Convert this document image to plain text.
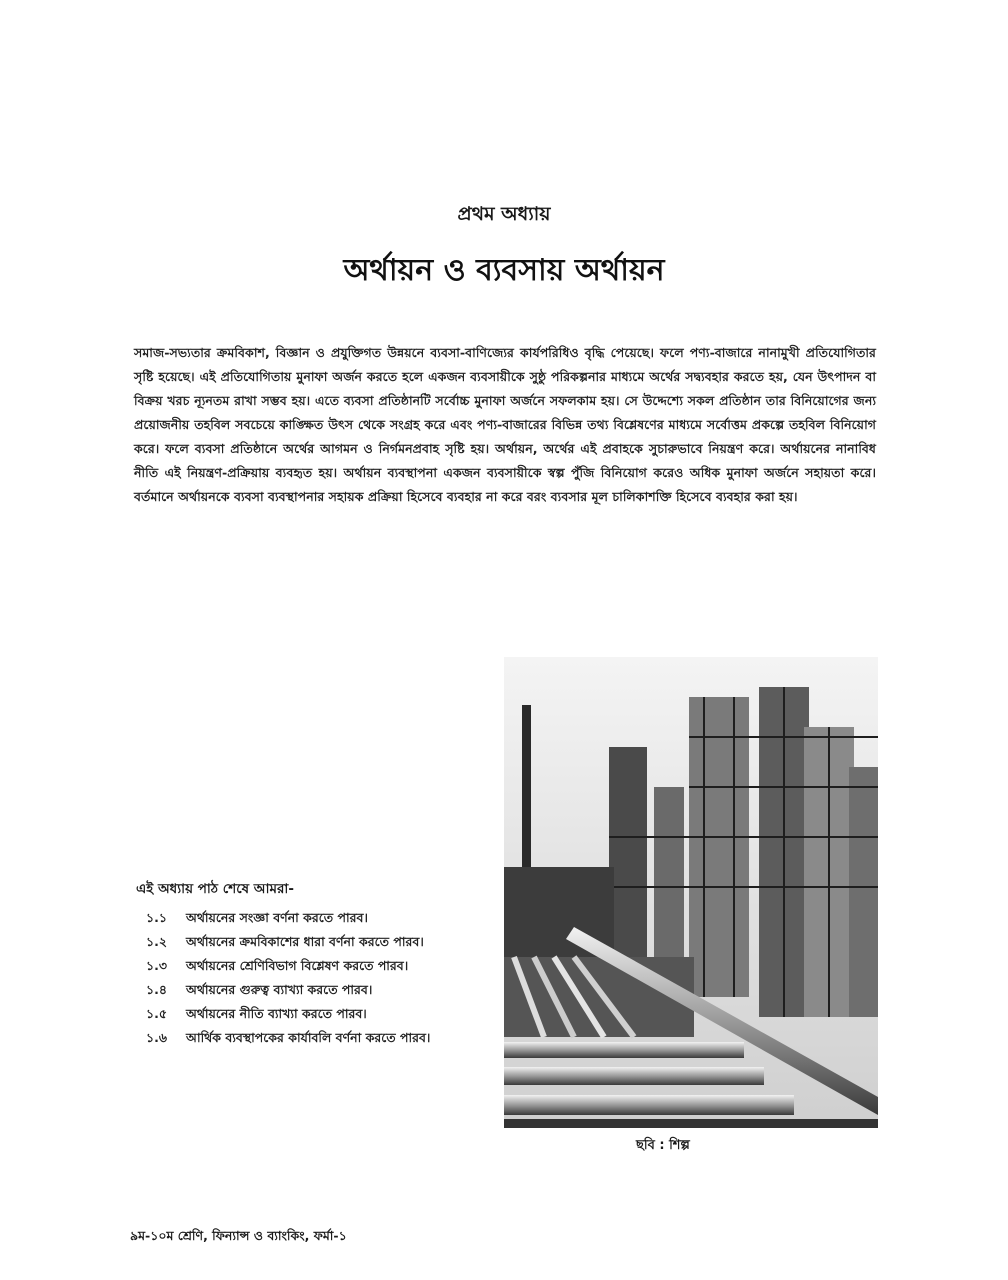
প্রথম অধ্যায়
অর্থায়ন ও ব্যবসায় অর্থায়ন

সমাজ-সভ্যতার ক্রমবিকাশ, বিজ্ঞান ও প্রযুক্তিগত উন্নয়নে ব্যবসা-বাণিজ্যের কার্যপরিধিও বৃদ্ধি পেয়েছে। ফলে পণ্য-বাজারে নানামুখী প্রতিযোগিতার সৃষ্টি হয়েছে। এই প্রতিযোগিতায় মুনাফা অর্জন করতে হলে একজন ব্যবসায়ীকে সুষ্ঠু পরিকল্পনার মাধ্যমে অর্থের সদ্ব্যবহার করতে হয়, যেন উৎপাদন বা বিক্রয় খরচ ন্যূনতম রাখা সম্ভব হয়। এতে ব্যবসা প্রতিষ্ঠানটি সর্বোচ্চ মুনাফা অর্জনে সফলকাম হয়। সে উদ্দেশ্যে সকল প্রতিষ্ঠান তার বিনিয়োগের জন্য প্রয়োজনীয় তহবিল সবচেয়ে কাঙ্ক্ষিত উৎস থেকে সংগ্রহ করে এবং পণ্য-বাজারের বিভিন্ন তথ্য বিশ্লেষণের মাধ্যমে সর্বোত্তম প্রকল্পে তহবিল বিনিয়োগ করে। ফলে ব্যবসা প্রতিষ্ঠানে অর্থের আগমন ও নির্গমনপ্রবাহ সৃষ্টি হয়। অর্থায়ন, অর্থের এই প্রবাহকে সুচারুভাবে নিয়ন্ত্রণ করে। অর্থায়নের নানাবিধ নীতি এই নিয়ন্ত্রণ-প্রক্রিয়ায় ব্যবহৃত হয়। অর্থায়ন ব্যবস্থাপনা একজন ব্যবসায়ীকে স্বল্প পুঁজি বিনিয়োগ করেও অধিক মুনাফা অর্জনে সহায়তা করে। বর্তমানে অর্থায়নকে ব্যবসা ব্যবস্থাপনার সহায়ক প্রক্রিয়া হিসেবে ব্যবহার না করে বরং ব্যবসার মূল চালিকাশক্তি হিসেবে ব্যবহার করা হয়।

এই অধ্যায় পাঠ শেষে আমরা-
১.১ অর্থায়নের সংজ্ঞা বর্ণনা করতে পারব।
১.২ অর্থায়নের ক্রমবিকাশের ধারা বর্ণনা করতে পারব।
১.৩ অর্থায়নের শ্রেণিবিভাগ বিশ্লেষণ করতে পারব।
১.৪ অর্থায়নের গুরুত্ব ব্যাখ্যা করতে পারব।
১.৫ অর্থায়নের নীতি ব্যাখ্যা করতে পারব।
১.৬ আর্থিক ব্যবস্থাপকের কার্যাবলি বর্ণনা করতে পারব।
ছবি : শিল্প
৯ম-১০ম শ্রেণি, ফিন্যান্স ও ব্যাংকিং, ফর্মা-১
